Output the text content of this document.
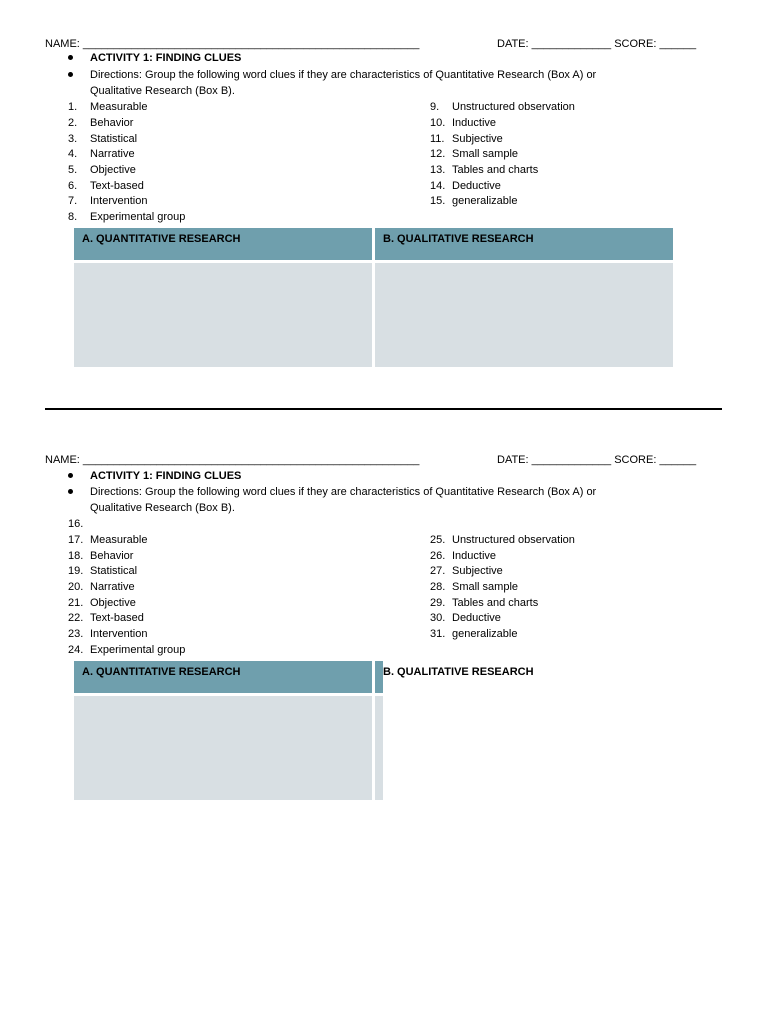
NAME: _______________________________________________________	DATE: _____________ SCORE: ______
ACTIVITY 1: FINDING CLUES
Directions: Group the following word clues if they are characteristics of Quantitative Research (Box A) or
Qualitative Research (Box B).
1. Measurable
2. Behavior
3. Statistical
4. Narrative
5. Objective
6. Text-based
7. Intervention
8. Experimental group
9. Unstructured observation
10. Inductive
11. Subjective
12. Small sample
13. Tables and charts
14. Deductive
15. generalizable
A. QUANTITATIVE RESEARCH	B. QUALITATIVE RESEARCH
NAME: _______________________________________________________	DATE: _____________ SCORE: ______
ACTIVITY 1: FINDING CLUES
Directions: Group the following word clues if they are characteristics of Quantitative Research (Box A) or
Qualitative Research (Box B).
16.
17. Measurable
18. Behavior
19. Statistical
20. Narrative
21. Objective
22. Text-based
23. Intervention
24. Experimental group
25. Unstructured observation
26. Inductive
27. Subjective
28. Small sample
29. Tables and charts
30. Deductive
31. generalizable
A. QUANTITATIVE RESEARCH	B. QUALITATIVE RESEARCH
